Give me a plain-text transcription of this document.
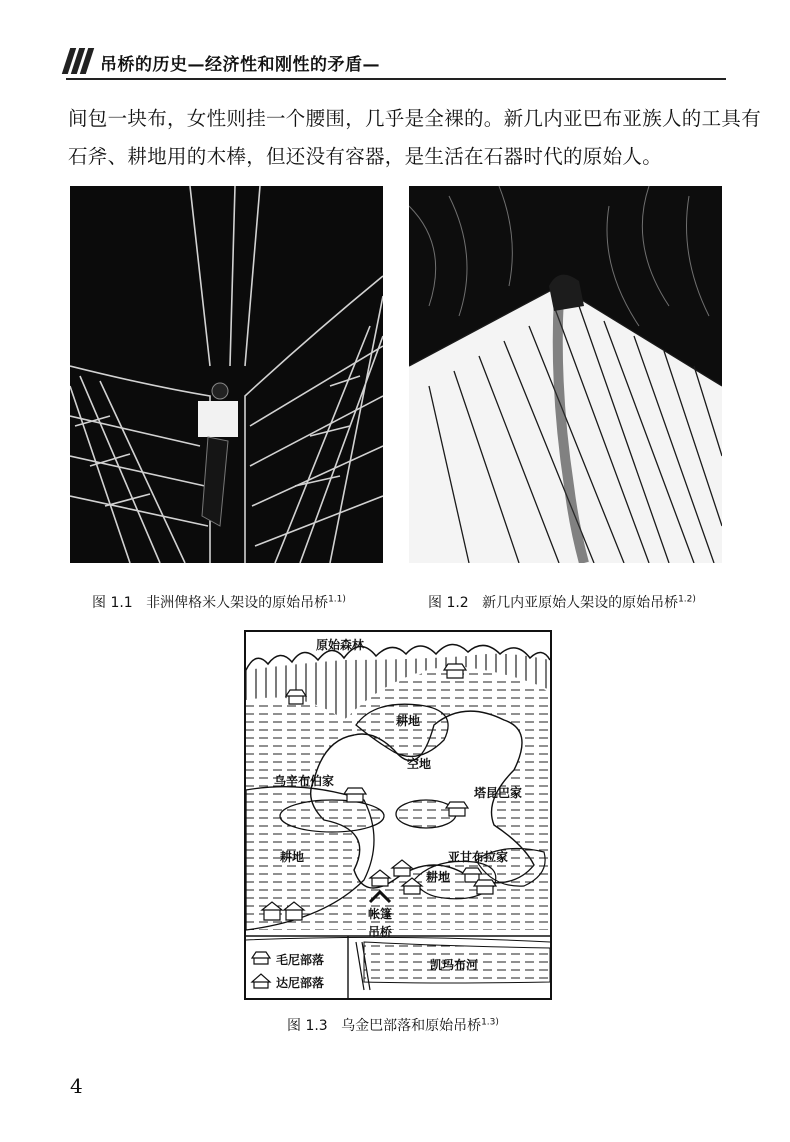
吊桥的历史—经济性和刚性的矛盾—
间包一块布，女性则挂一个腰围，几乎是全裸的。新几内亚巴布亚族人的工具有
石斧、耕地用的木棒，但还没有容器，是生活在石器时代的原始人。
图 1.1 非洲俾格米人架设的原始吊桥$^{1.1)}$	图 1.2 新几内亚原始人架设的原始吊桥$^{1.2)}$
原始森林
耕地
空地
乌辛布伯家
塔昆巴家
耕地	亚甘布拉家
耕地
帐篷
吊桥
凯玛布河
毛尼部落
达尼部落
图 1.3 乌金巴部落和原始吊桥$^{1.3)}$
4
